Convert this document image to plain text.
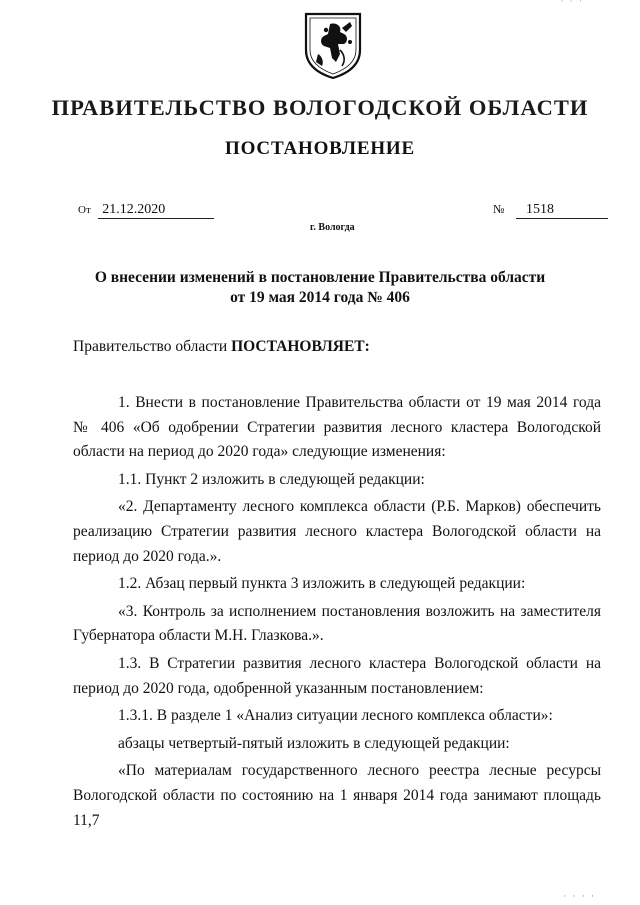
· · ·
ПРАВИТЕЛЬСТВО ВОЛОГОДСКОЙ ОБЛАСТИ
ПОСТАНОВЛЕНИЕ
От 21.12.2020	№ 1518
г. Вологда
О внесении изменений в постановление Правительства области
от 19 мая 2014 года № 406
Правительство области ПОСТАНОВЛЯЕТ:

1. Внести в постановление Правительства области от 19 мая 2014 года № 406 «Об одобрении Стратегии развития лесного кластера Вологодской области на период до 2020 года» следующие изменения:

1.1. Пункт 2 изложить в следующей редакции:

«2. Департаменту лесного комплекса области (Р.Б. Марков) обеспечить реализацию Стратегии развития лесного кластера Вологодской области на период до 2020 года.».

1.2. Абзац первый пункта 3 изложить в следующей редакции:

«3. Контроль за исполнением постановления возложить на заместителя Губернатора области М.Н. Глазкова.».

1.3. В Стратегии развития лесного кластера Вологодской области на период до 2020 года, одобренной указанным постановлением:

1.3.1. В разделе 1 «Анализ ситуации лесного комплекса области»:

абзацы четвертый-пятый изложить в следующей редакции:

«По материалам государственного лесного реестра лесные ресурсы Вологодской области по состоянию на 1 января 2014 года занимают площадь 11,7

· · · ·
